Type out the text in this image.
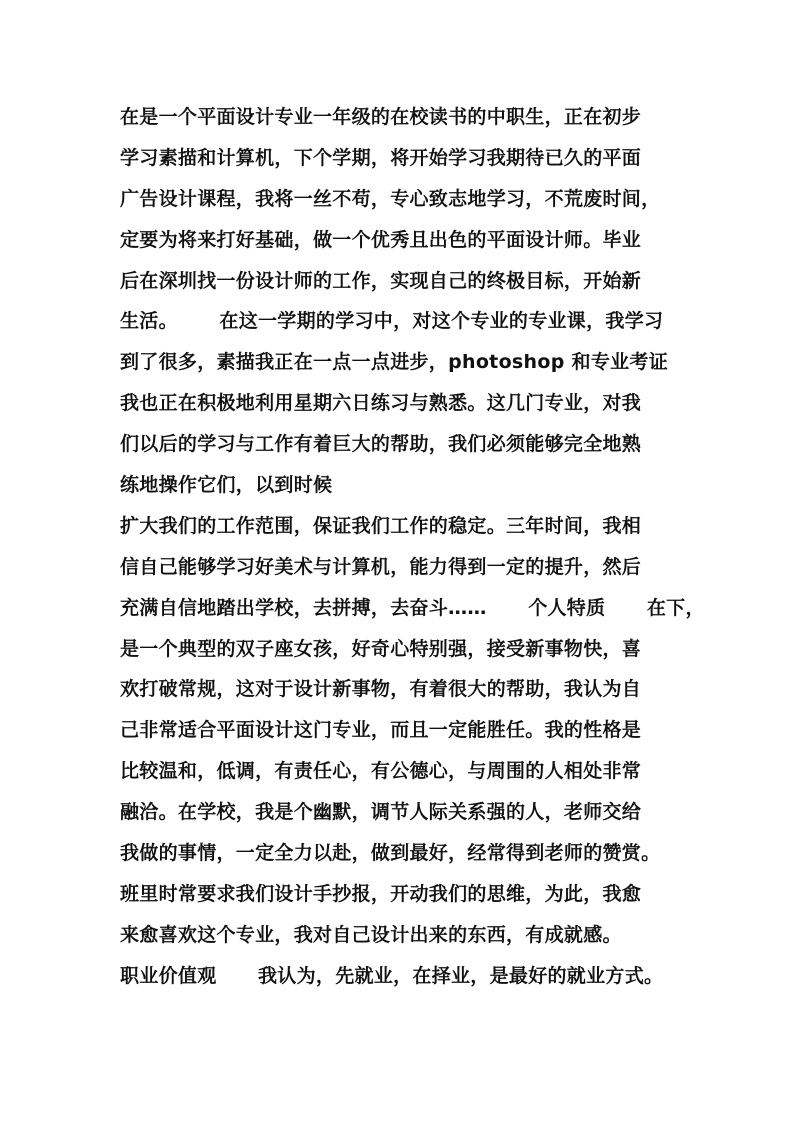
在是一个平面设计专业一年级的在校读书的中职生，正在初步
学习素描和计算机，下个学期，将开始学习我期待已久的平面
广告设计课程，我将一丝不苟，专心致志地学习，不荒废时间，
定要为将来打好基础，做一个优秀且出色的平面设计师。毕业
后在深圳找一份设计师的工作，实现自己的终极目标，开始新
生活。      在这一学期的学习中，对这个专业的专业课，我学习
到了很多，素描我正在一点一点进步，photoshop 和专业考证
我也正在积极地利用星期六日练习与熟悉。这几门专业，对我
们以后的学习与工作有着巨大的帮助，我们必须能够完全地熟
练地操作它们，以到时候
扩大我们的工作范围，保证我们工作的稳定。三年时间，我相
信自己能够学习好美术与计算机，能力得到一定的提升，然后
充满自信地踏出学校，去拼搏，去奋斗……      个人特质      在下，
是一个典型的双子座女孩，好奇心特别强，接受新事物快，喜
欢打破常规，这对于设计新事物，有着很大的帮助，我认为自
己非常适合平面设计这门专业，而且一定能胜任。我的性格是
比较温和，低调，有责任心，有公德心，与周围的人相处非常
融洽。在学校，我是个幽默，调节人际关系强的人，老师交给
我做的事情，一定全力以赴，做到最好，经常得到老师的赞赏。
班里时常要求我们设计手抄报，开动我们的思维，为此，我愈
来愈喜欢这个专业，我对自己设计出来的东西，有成就感。
职业价值观      我认为，先就业，在择业，是最好的就业方式。
